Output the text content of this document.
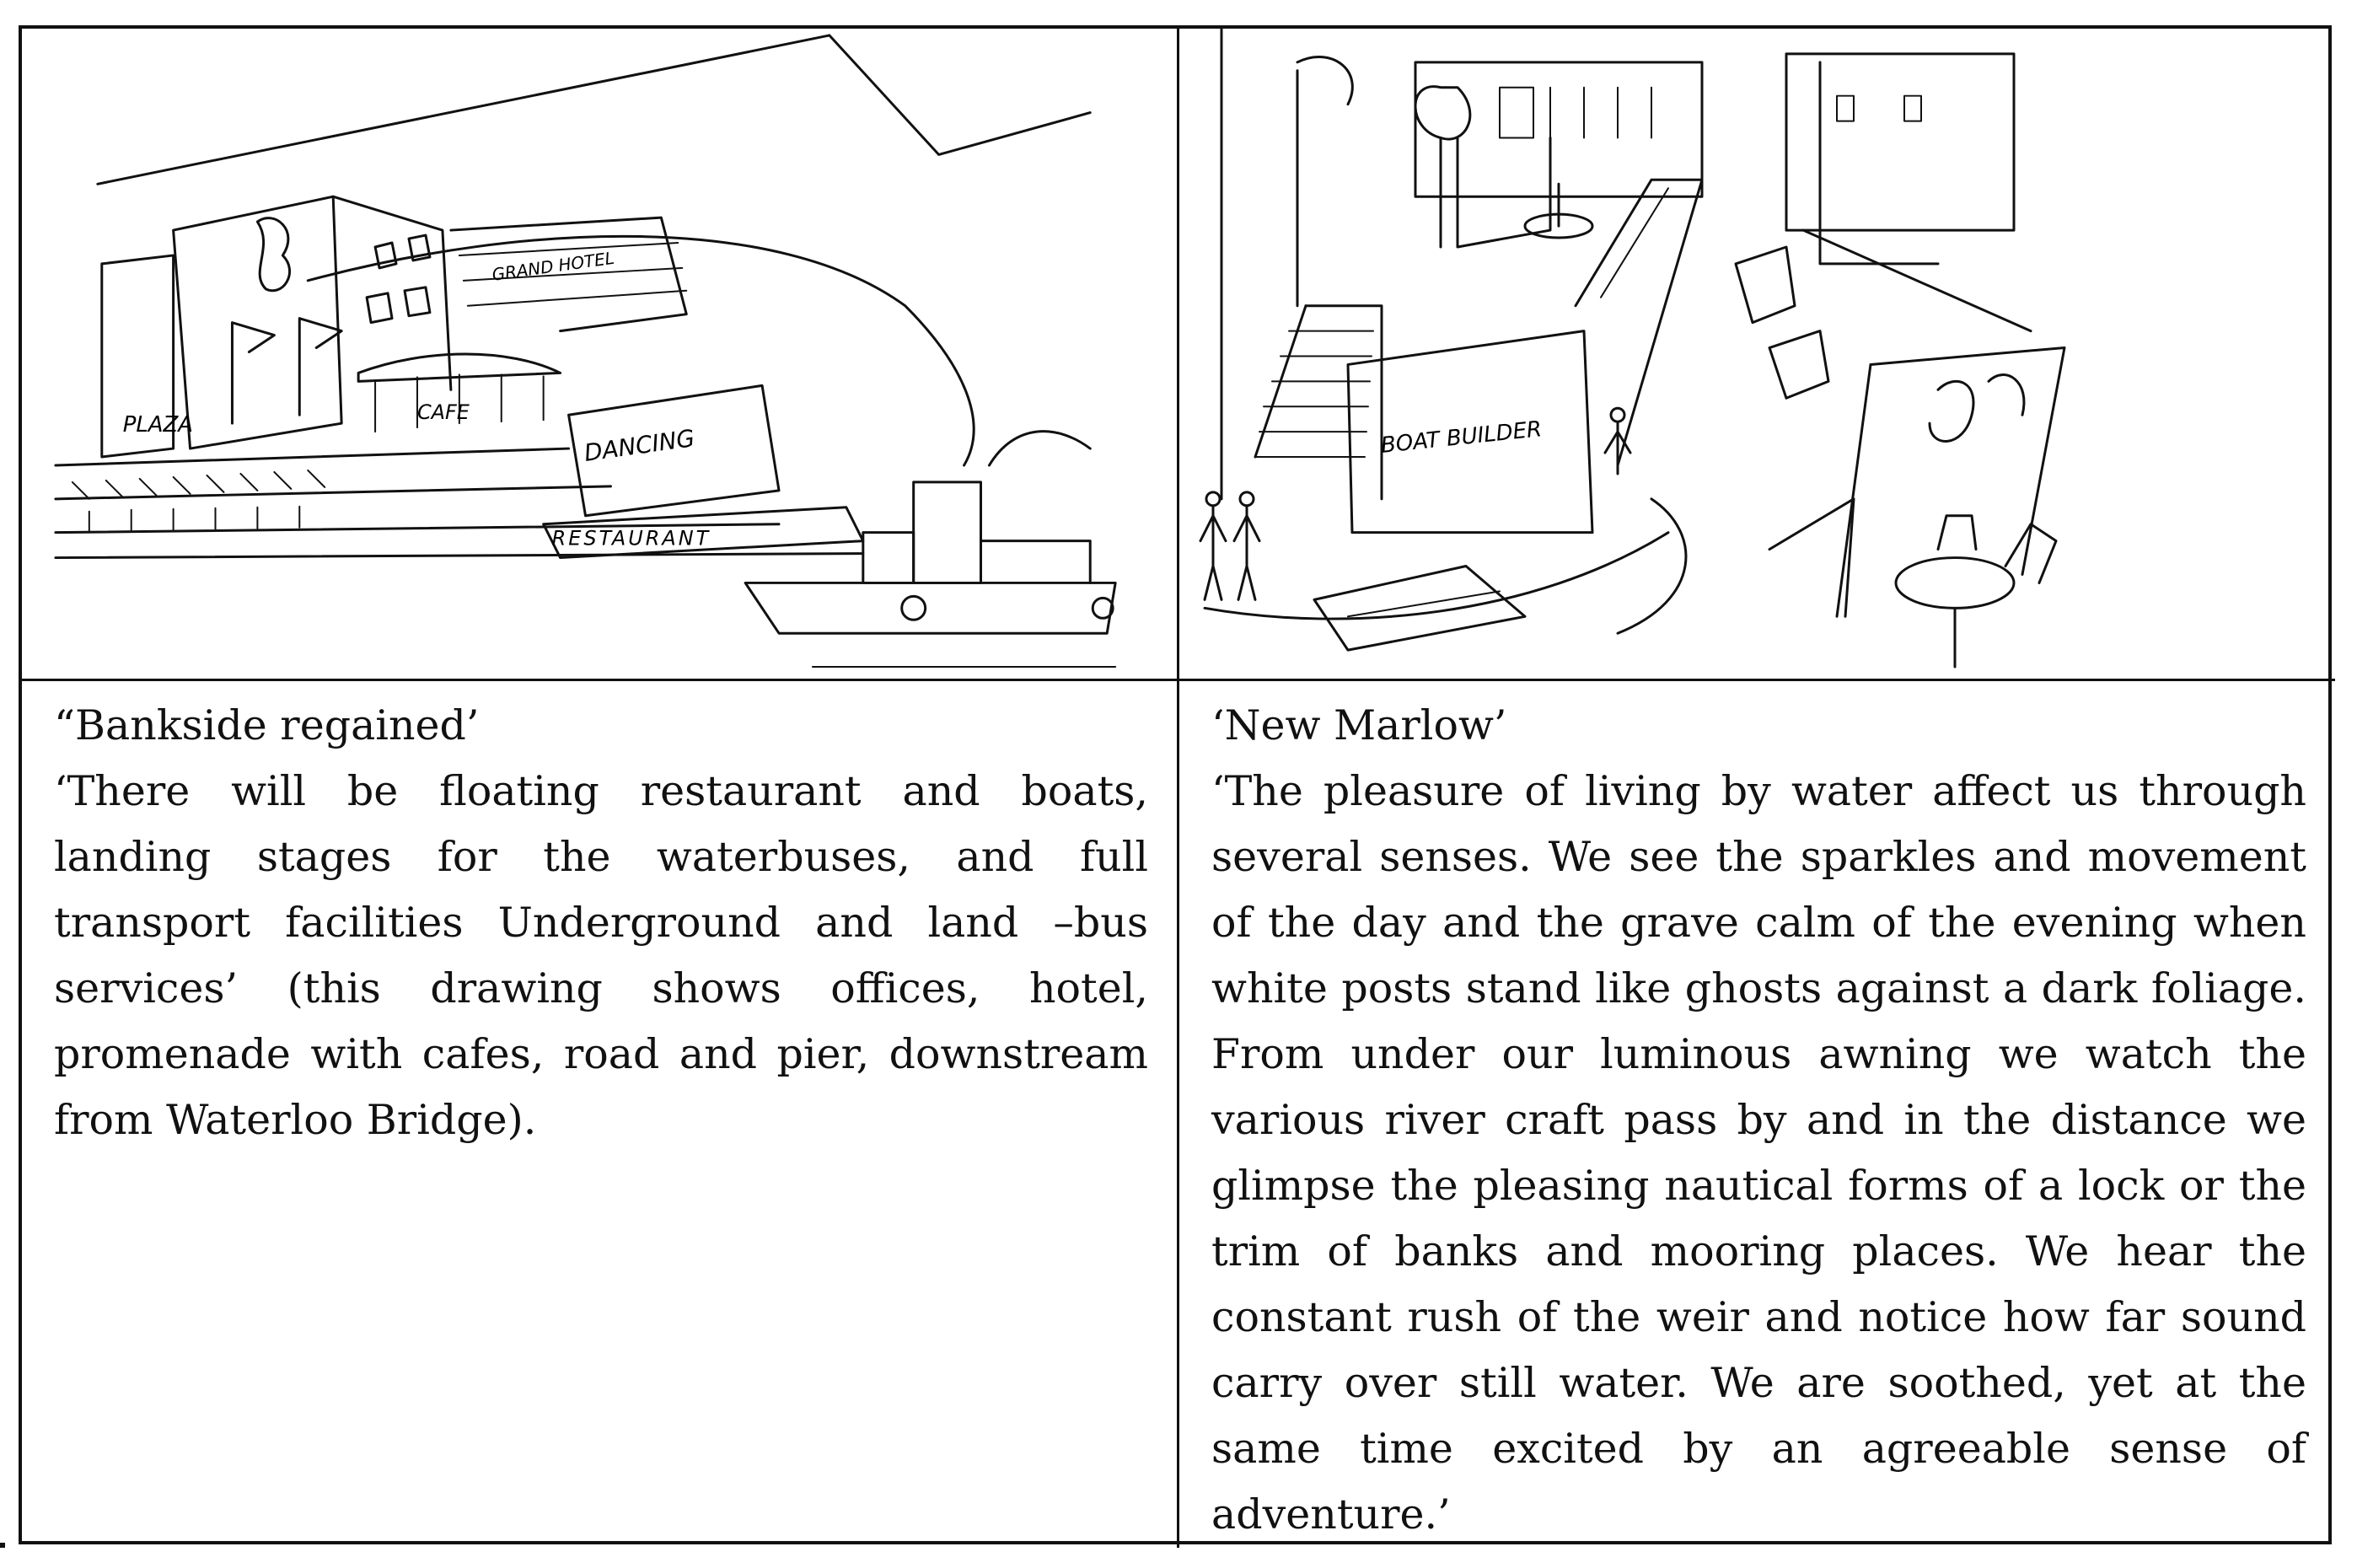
PLAZA	CAFE
GRAND HOTEL
DANCING
RESTAURANT
BOAT BUILDER
“Bankside regained’
‘There will be floating restaurant and boats, landing stages for the waterbuses, and full transport facilities Underground and land –bus services’ (this drawing shows offices, hotel, promenade with cafes, road and pier, downstream from Waterloo Bridge).
‘New Marlow’
‘The pleasure of living by water affect us through several senses. We see the sparkles and movement of the day and the grave calm of the evening when white posts stand like ghosts against a dark foliage. From under our luminous awning we watch the various river craft pass by and in the distance we glimpse the pleasing nautical forms of a lock or the trim of banks and mooring places. We hear the constant rush of the weir and notice how far sound carry over still water. We are soothed, yet at the same time excited by an agreeable sense of adventure.’
